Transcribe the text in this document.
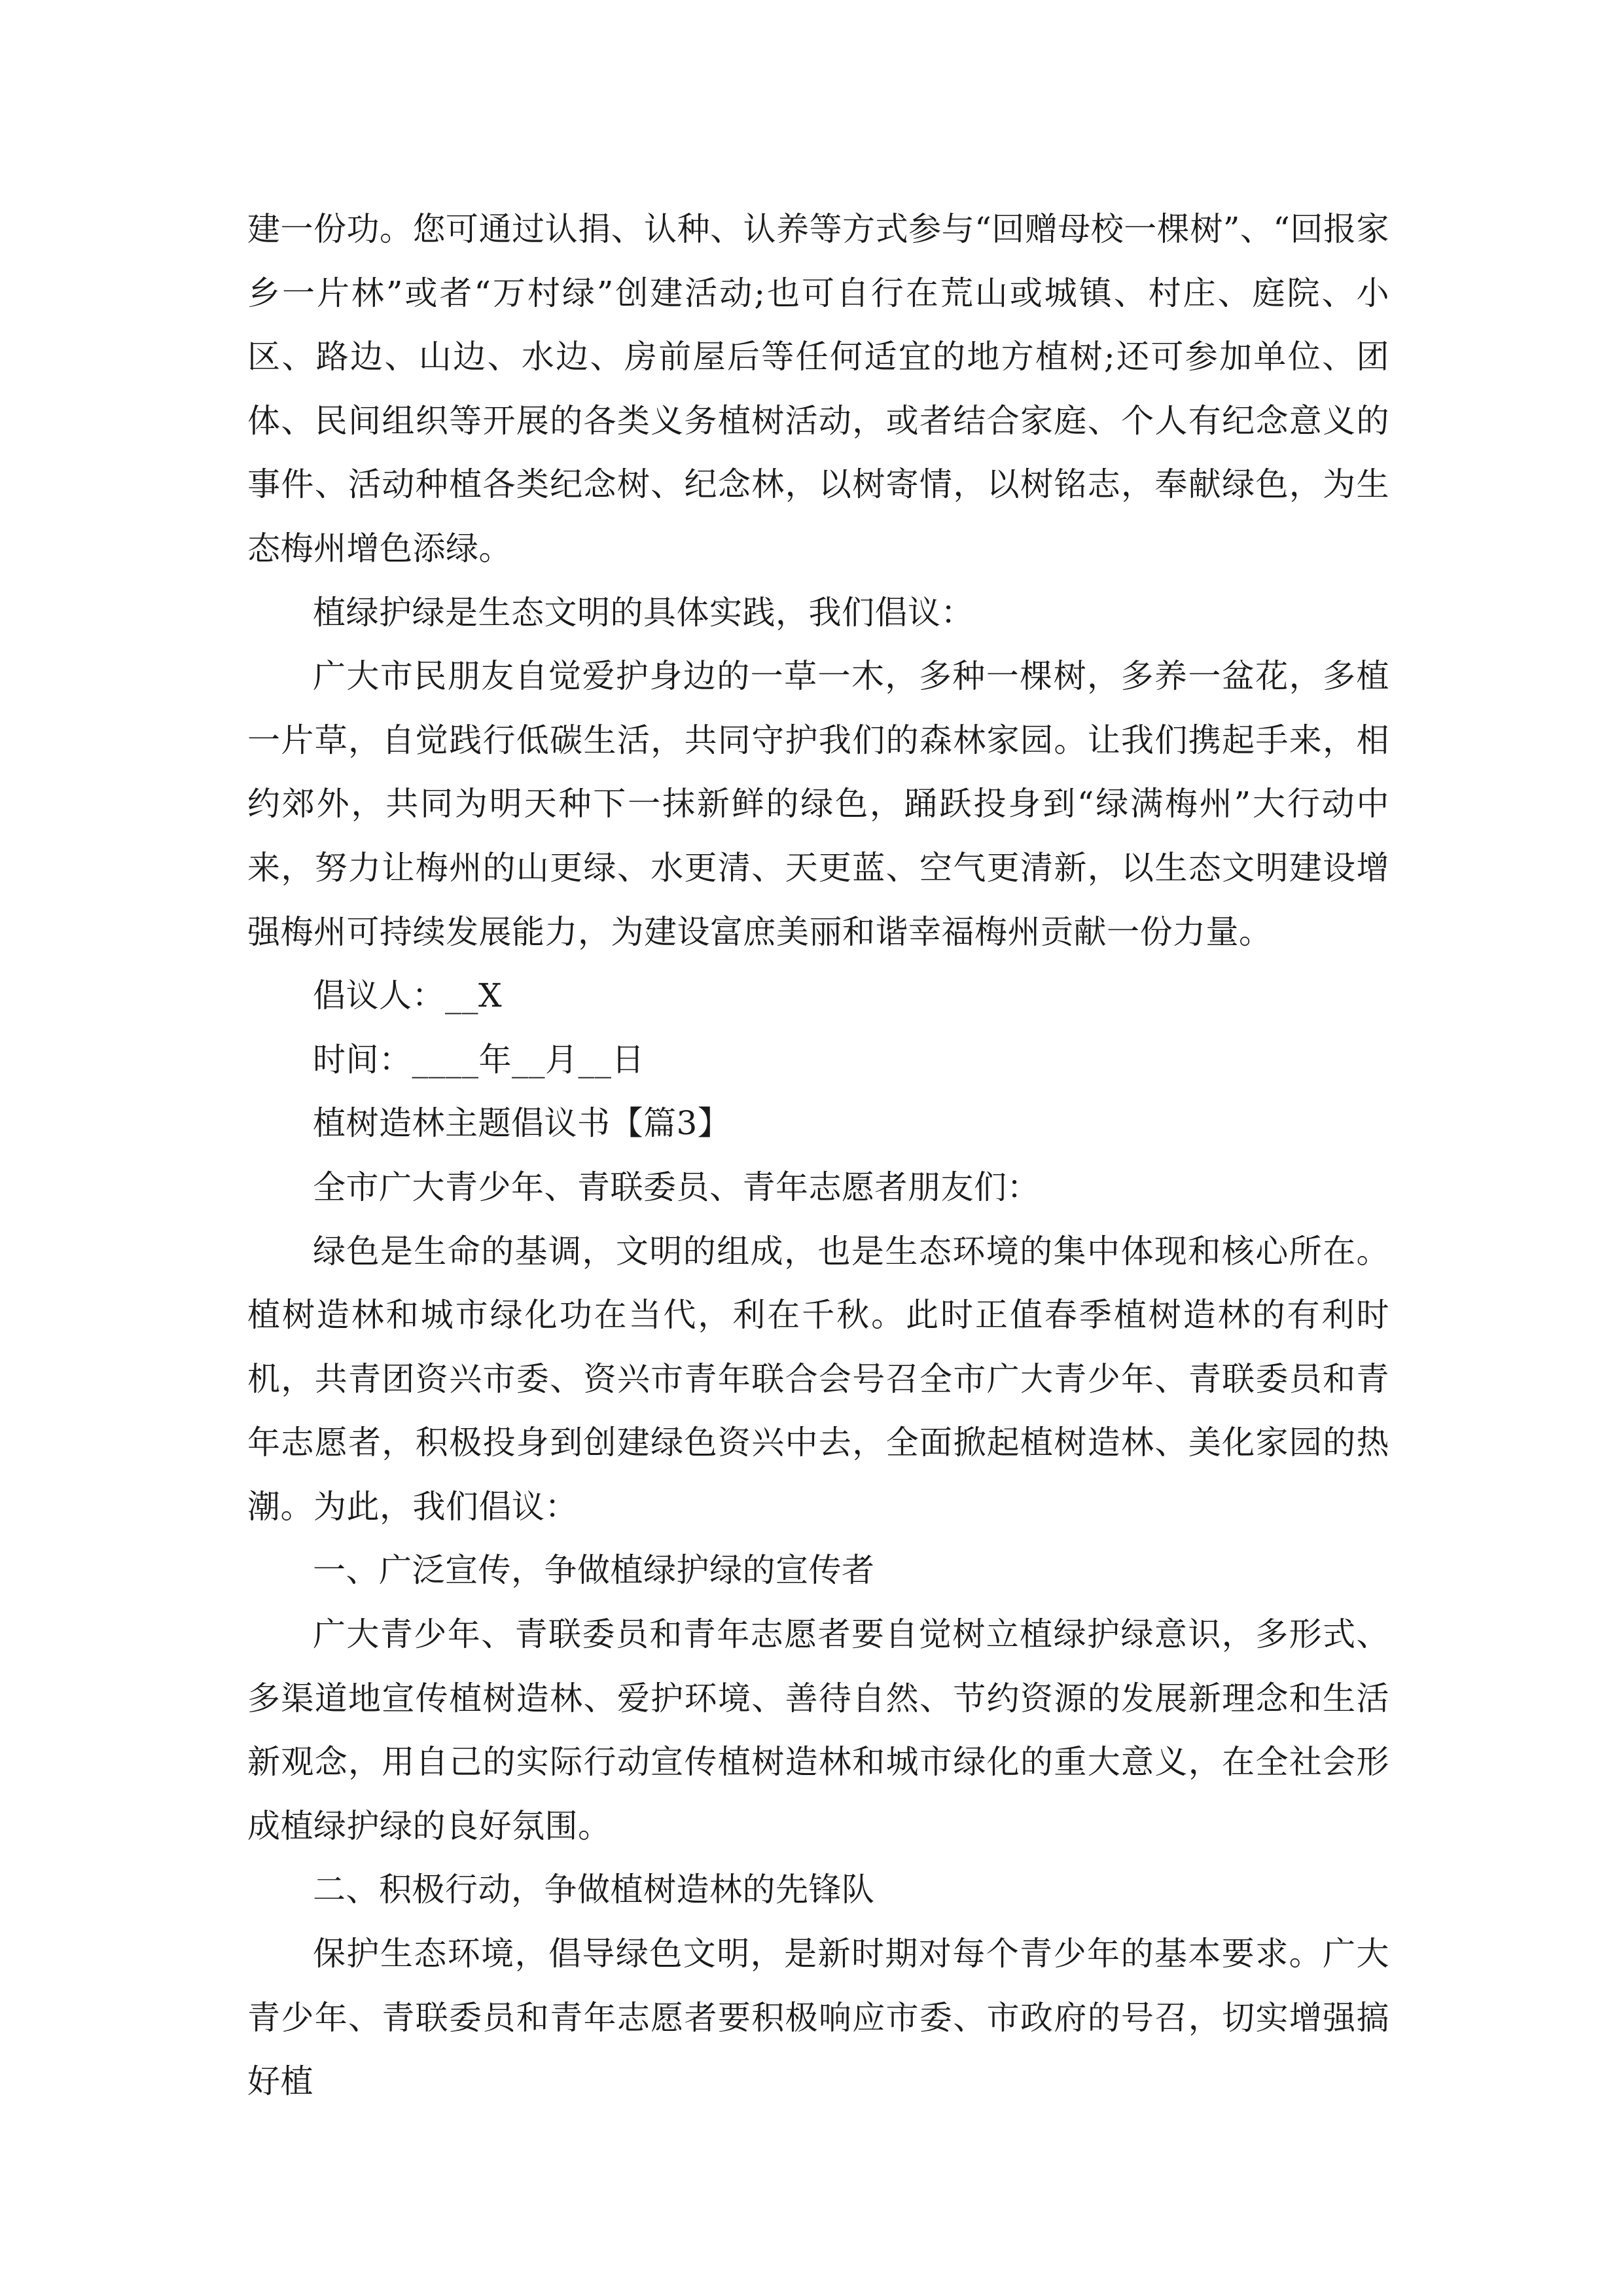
建一份功。您可通过认捐、认种、认养等方式参与“回赠母校一棵树”、“回报家乡一片林”或者“万村绿”创建活动;也可自行在荒山或城镇、村庄、庭院、小区、路边、山边、水边、房前屋后等任何适宜的地方植树;还可参加单位、团体、民间组织等开展的各类义务植树活动，或者结合家庭、个人有纪念意义的事件、活动种植各类纪念树、纪念林，以树寄情，以树铭志，奉献绿色，为生态梅州增色添绿。

植绿护绿是生态文明的具体实践，我们倡议：

广大市民朋友自觉爱护身边的一草一木，多种一棵树，多养一盆花，多植一片草，自觉践行低碳生活，共同守护我们的森林家园。让我们携起手来，相约郊外，共同为明天种下一抹新鲜的绿色，踊跃投身到“绿满梅州”大行动中来，努力让梅州的山更绿、水更清、天更蓝、空气更清新，以生态文明建设增强梅州可持续发展能力，为建设富庶美丽和谐幸福梅州贡献一份力量。

倡议人：__X

时间：____年__月__日

植树造林主题倡议书【篇3】

全市广大青少年、青联委员、青年志愿者朋友们：

绿色是生命的基调，文明的组成，也是生态环境的集中体现和核心所在。植树造林和城市绿化功在当代，利在千秋。此时正值春季植树造林的有利时机，共青团资兴市委、资兴市青年联合会号召全市广大青少年、青联委员和青年志愿者，积极投身到创建绿色资兴中去，全面掀起植树造林、美化家园的热潮。为此，我们倡议：

一、广泛宣传，争做植绿护绿的宣传者

广大青少年、青联委员和青年志愿者要自觉树立植绿护绿意识，多形式、多渠道地宣传植树造林、爱护环境、善待自然、节约资源的发展新理念和生活新观念，用自己的实际行动宣传植树造林和城市绿化的重大意义，在全社会形成植绿护绿的良好氛围。

二、积极行动，争做植树造林的先锋队

保护生态环境，倡导绿色文明，是新时期对每个青少年的基本要求。广大青少年、青联委员和青年志愿者要积极响应市委、市政府的号召，切实增强搞好植
